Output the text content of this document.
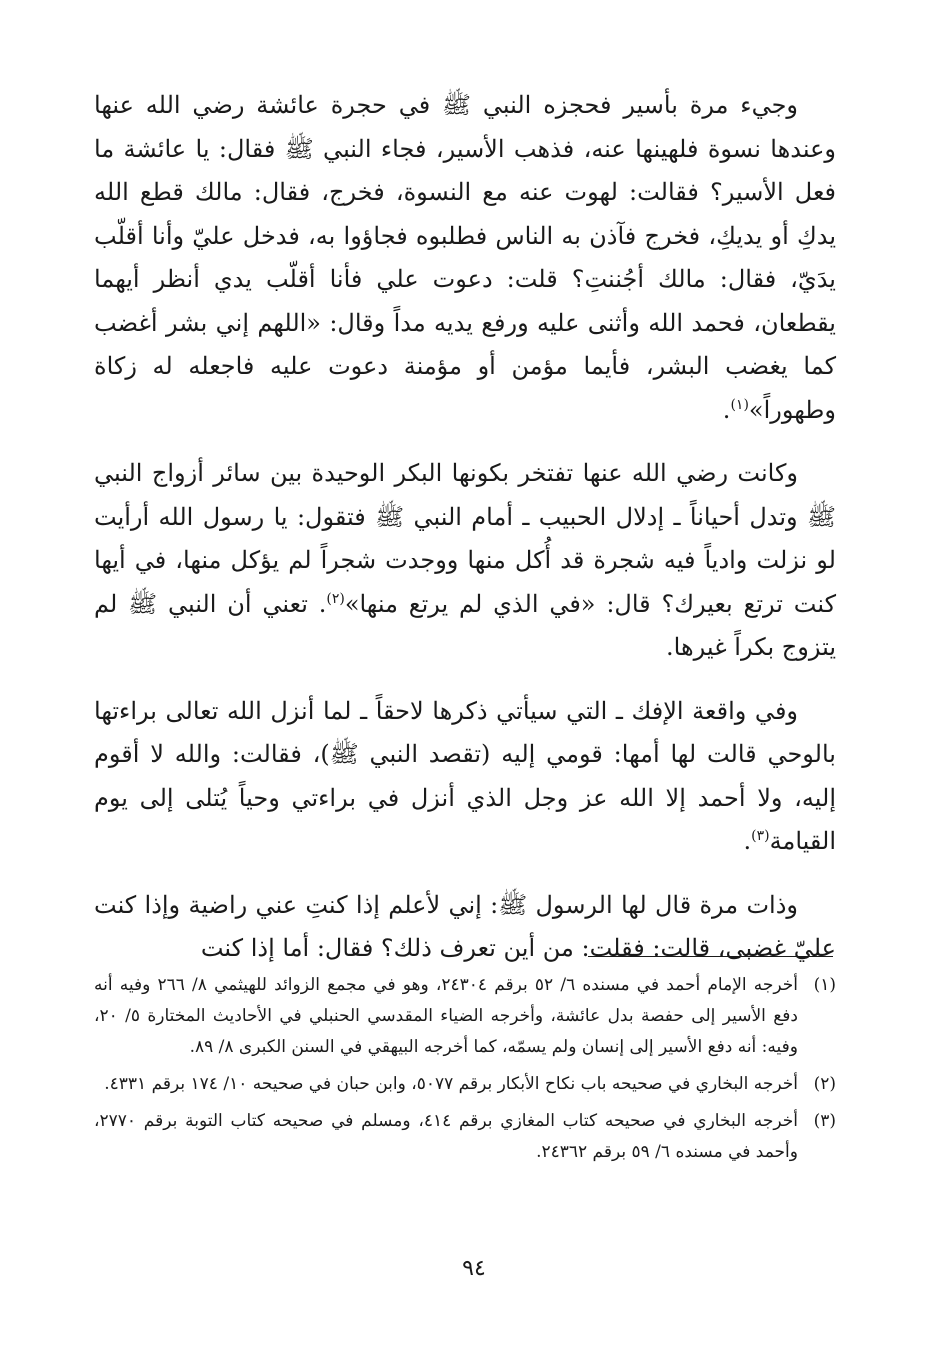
وجيء مرة بأسير فحجزه النبي ﷺ في حجرة عائشة رضي الله عنها وعندها نسوة فلهينها عنه، فذهب الأسير، فجاء النبي ﷺ فقال: يا عائشة ما فعل الأسير؟ فقالت: لهوت عنه مع النسوة، فخرج، فقال: مالك قطع الله يدكِ أو يديكِ، فخرج فآذن به الناس فطلبوه فجاؤوا به، فدخل عليّ وأنا أقلّب يدَيّ، فقال: مالك أجُننتِ؟ قلت: دعوت علي فأنا أقلّب يدي أنظر أيهما يقطعان، فحمد الله وأثنى عليه ورفع يديه مداً وقال: «اللهم إني بشر أغضب كما يغضب البشر، فأيما مؤمن أو مؤمنة دعوت عليه فاجعله له زكاة وطهوراً»$^{(١)}$.

وكانت رضي الله عنها تفتخر بكونها البكر الوحيدة بين سائر أزواج النبي ﷺ وتدل أحياناً ـ إدلال الحبيب ـ أمام النبي ﷺ فتقول: يا رسول الله أرأيت لو نزلت وادياً فيه شجرة قد أُكل منها ووجدت شجراً لم يؤكل منها، في أيها كنت ترتع بعيرك؟ قال: «في الذي لم يرتع منها»$^{(٢)}$. تعني أن النبي ﷺ لم يتزوج بكراً غيرها.

وفي واقعة الإفك ـ التي سيأتي ذكرها لاحقاً ـ لما أنزل الله تعالى براءتها بالوحي قالت لها أمها: قومي إليه (تقصد النبي ﷺ)، فقالت: والله لا أقوم إليه، ولا أحمد إلا الله عز وجل الذي أنزل في براءتي وحياً يُتلى إلى يوم القيامة$^{(٣)}$.

وذات مرة قال لها الرسول ﷺ: إني لأعلم إذا كنتِ عني راضية وإذا كنت عليّ غضبى، قالت: فقلت: من أين تعرف ذلك؟ فقال: أما إذا كنت

(١)
أخرجه الإمام أحمد في مسنده ٦/ ٥٢ برقم ٢٤٣٠٤، وهو في مجمع الزوائد للهيثمي ٨/ ٢٦٦ وفيه أنه دفع الأسير إلى حفصة بدل عائشة، وأخرجه الضياء المقدسي الحنبلي في الأحاديث المختارة ٥/ ٢٠، وفيه: أنه دفع الأسير إلى إنسان ولم يسمّه، كما أخرجه البيهقي في السنن الكبرى ٨/ ٨٩.
(٢)
أخرجه البخاري في صحيحه باب نكاح الأبكار برقم ٥٠٧٧، وابن حبان في صحيحه ١٠/ ١٧٤ برقم ٤٣٣١.
(٣)
أخرجه البخاري في صحيحه كتاب المغازي برقم ٤١٤، ومسلم في صحيحه كتاب التوبة برقم ٢٧٧٠، وأحمد في مسنده ٦/ ٥٩ برقم ٢٤٣٦٢.
٩٤
